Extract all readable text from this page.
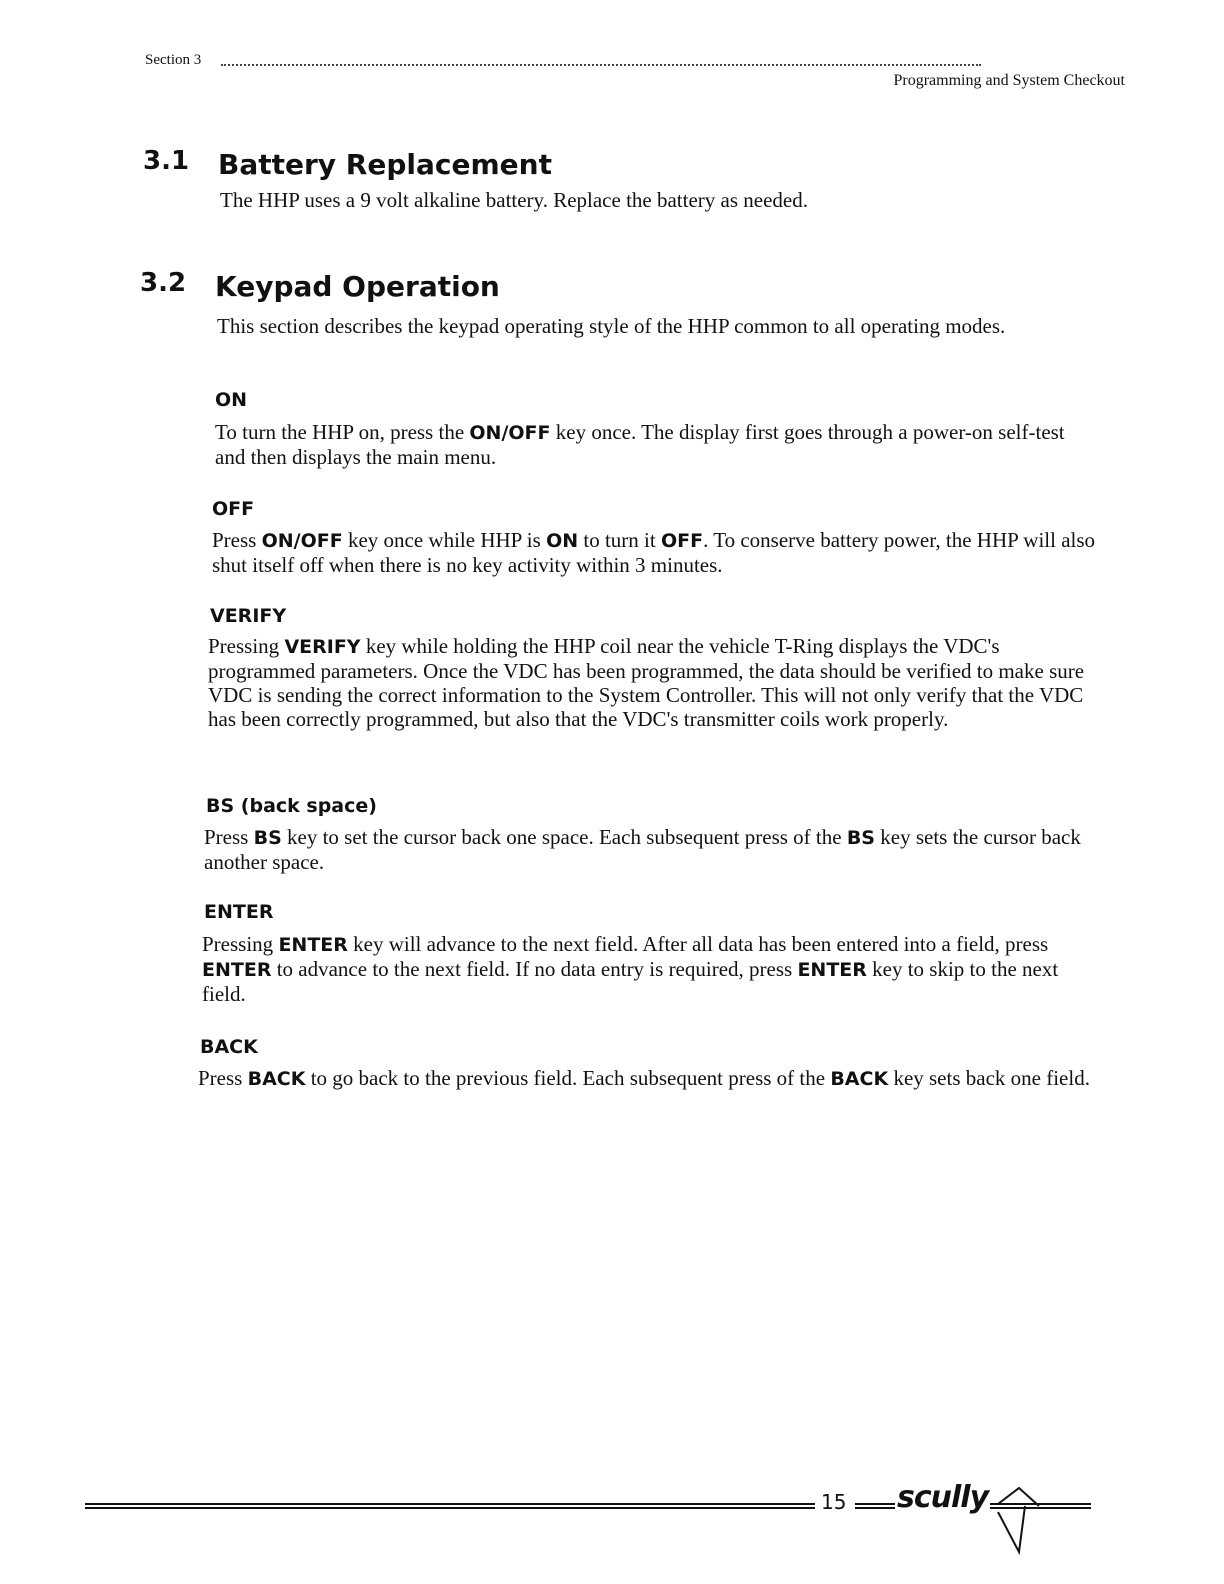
Section 3
Programming and System Checkout
3.1 Battery Replacement
The HHP uses a 9 volt alkaline battery. Replace the battery as needed.
3.2 Keypad Operation
This section describes the keypad operating style of the HHP common to all operating modes.
ON
To turn the HHP on, press the ON/OFF key once. The display first goes through a power-on self-test and then displays the main menu.
OFF
Press ON/OFF key once while HHP is ON to turn it OFF. To conserve battery power, the HHP will also shut itself off when there is no key activity within 3 minutes.
VERIFY
Pressing VERIFY key while holding the HHP coil near the vehicle T-Ring displays the VDC's programmed parameters. Once the VDC has been programmed, the data should be verified to make sure VDC is sending the correct information to the System Controller. This will not only verify that the VDC has been correctly programmed, but also that the VDC's transmitter coils work properly.
BS (back space)
Press BS key to set the cursor back one space. Each subsequent press of the BS key sets the cursor back another space.
ENTER
Pressing ENTER key will advance to the next field. After all data has been entered into a field, press ENTER to advance to the next field. If no data entry is required, press ENTER key to skip to the next field.
BACK
Press BACK to go back to the previous field. Each subsequent press of the BACK key sets back one field.
15 scully
